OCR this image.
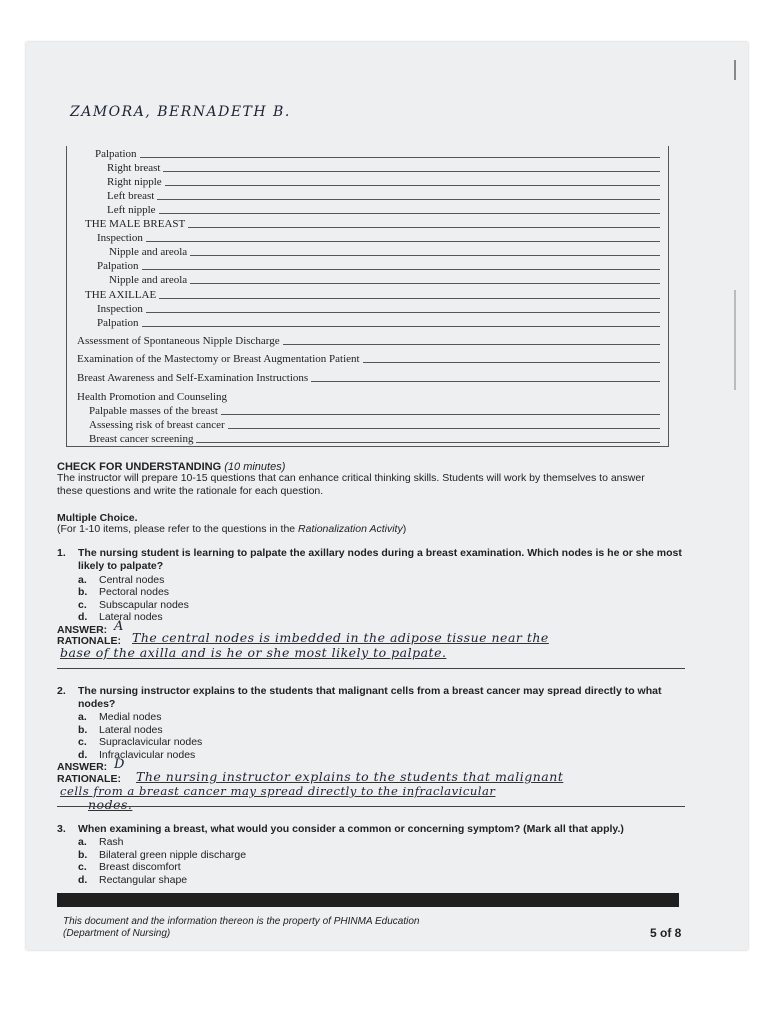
ZAMORA, BERNADETH B.
Palpation
Right breast
Right nipple
Left breast
Left nipple
THE MALE BREAST
Inspection
Nipple and areola
Palpation
Nipple and areola
THE AXILLAE
Inspection
Palpation
Assessment of Spontaneous Nipple Discharge
Examination of the Mastectomy or Breast Augmentation Patient
Breast Awareness and Self-Examination Instructions
Health Promotion and Counseling
Palpable masses of the breast
Assessing risk of breast cancer
Breast cancer screening
CHECK FOR UNDERSTANDING (10 minutes)
The instructor will prepare 10-15 questions that can enhance critical thinking skills. Students will work by themselves to answer these questions and write the rationale for each question.
Multiple Choice.
(For 1-10 items, please refer to the questions in the Rationalization Activity)
1. The nursing student is learning to palpate the axillary nodes during a breast examination. Which nodes is he or she most likely to palpate?
a.	Central nodes
b.	Pectoral nodes
c.	Subscapular nodes
d.	Lateral nodes
ANSWER: A
RATIONALE: The central nodes is imbedded in the adipose tissue near the
base of the axilla and is he or she most likely to palpate.
2. The nursing instructor explains to the students that malignant cells from a breast cancer may spread directly to what nodes?
a.	Medial nodes
b.	Lateral nodes
c.	Supraclavicular nodes
d.	Infraclavicular nodes
ANSWER: D
RATIONALE: The nursing instructor explains to the students that malignant
cells from a breast cancer may spread directly to the infraclavicular
nodes.
3. When examining a breast, what would you consider a common or concerning symptom? (Mark all that apply.)
a.	Rash
b.	Bilateral green nipple discharge
c.	Breast discomfort
d.	Rectangular shape
This document and the information thereon is the property of PHINMA Education (Department of Nursing)	5 of 8
